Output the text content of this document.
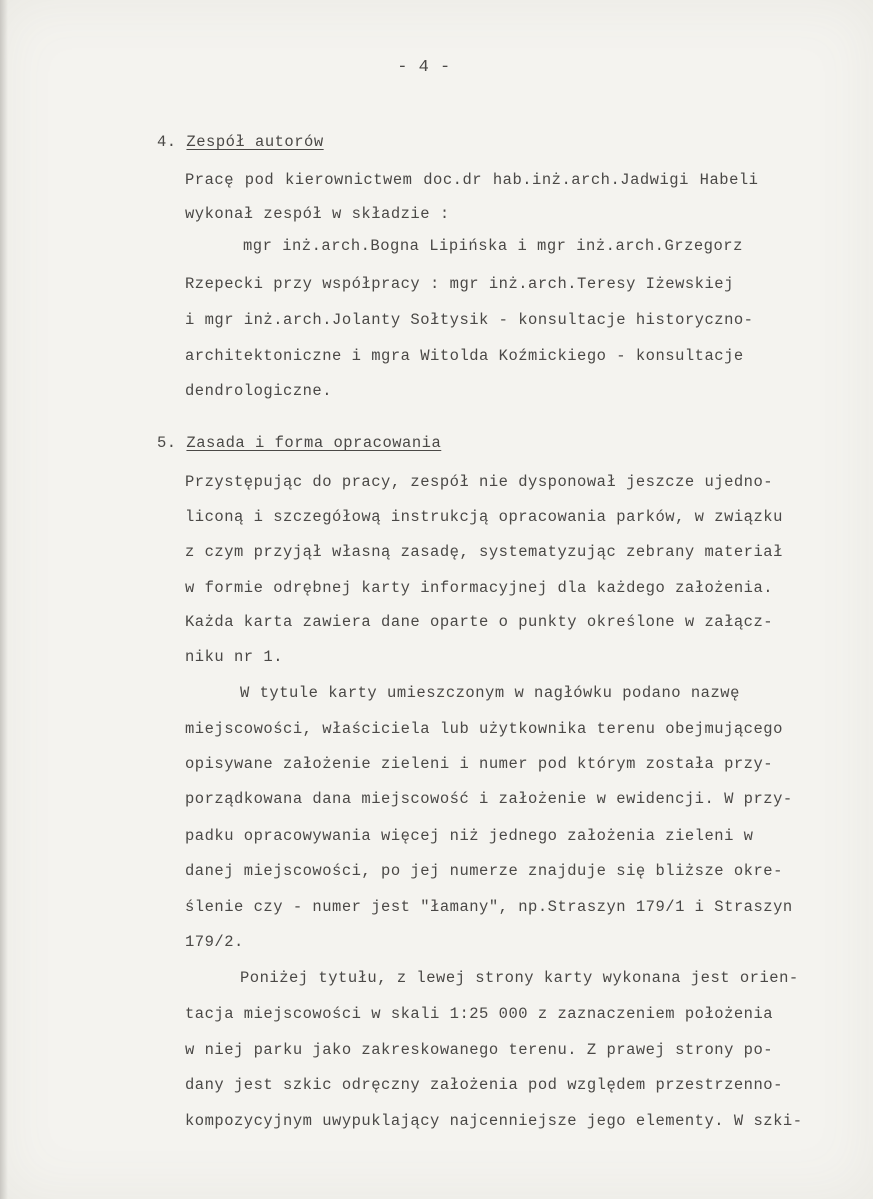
- 4 -
4. Zespół autorów
Pracę pod kierownictwem doc.dr hab.inż.arch.Jadwigi Habeli
wykonał zespół w składzie :
mgr inż.arch.Bogna Lipińska i mgr inż.arch.Grzegorz
Rzepecki przy współpracy : mgr inż.arch.Teresy Iżewskiej
i mgr inż.arch.Jolanty Sołtysik - konsultacje historyczno-
architektoniczne i mgra Witolda Koźmickiego - konsultacje
dendrologiczne.
5. Zasada i forma opracowania
Przystępując do pracy, zespół nie dysponował jeszcze ujedno-
liconą i szczegółową instrukcją opracowania parków, w związku
z czym przyjął własną zasadę, systematyzując zebrany materiał
w formie odrębnej karty informacyjnej dla każdego założenia.
Każda karta zawiera dane oparte o punkty określone w załącz-
niku nr 1.
W tytule karty umieszczonym w nagłówku podano nazwę
miejscowości, właściciela lub użytkownika terenu obejmującego
opisywane założenie zieleni i numer pod którym została przy-
porządkowana dana miejscowość i założenie w ewidencji. W przy-
padku opracowywania więcej niż jednego założenia zieleni w
danej miejscowości, po jej numerze znajduje się bliższe okre-
ślenie czy - numer jest "łamany", np.Straszyn 179/1 i Straszyn
179/2.
Poniżej tytułu, z lewej strony karty wykonana jest orien-
tacja miejscowości w skali 1:25 000 z zaznaczeniem położenia
w niej parku jako zakreskowanego terenu. Z prawej strony po-
dany jest szkic odręczny założenia pod względem przestrzenno-
kompozycyjnym uwypuklający najcenniejsze jego elementy. W szki-
